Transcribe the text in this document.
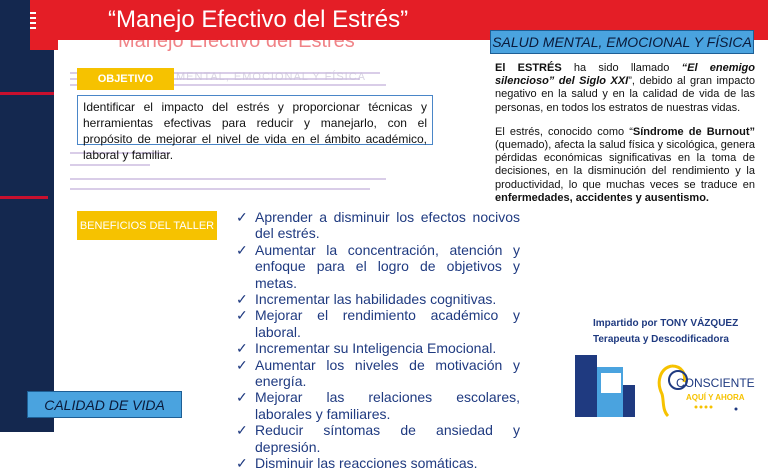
“Manejo Efectivo del Estrés”
Manejo Efectivo del Estrés	SALUD MENTAL, EMOCIONAL Y FÍSICA
OBJETIVO	MENTAL, EMOCIONAL Y FÍSICA
Identificar el impacto del estrés y proporcionar técnicas y herramientas efectivas para reducir y manejarlo, con el propósito de mejorar el nivel de vida en el ámbito académico, laboral y familiar.
BENEFICIOS DEL TALLER
✓ Aprender a disminuir los efectos nocivos del estrés.
✓ Aumentar la concentración, atención y enfoque para el logro de objetivos y metas.
✓ Incrementar las habilidades cognitivas.
✓ Mejorar el rendimiento académico y laboral.
✓ Incrementar su Inteligencia Emocional.
✓ Aumentar los niveles de motivación y energía.
✓ Mejorar las relaciones escolares, laborales y familiares.
✓ Reducir síntomas de ansiedad y depresión.
✓ Disminuir las reacciones somáticas.

El ESTRÉS ha sido llamado “El enemigo silencioso” del Siglo XXI”, debido al gran impacto negativo en la salud y en la calidad de vida de las personas, en todos los estratos de nuestras vidas.

El estrés, conocido como “Síndrome de Burnout” (quemado), afecta la salud física y sicológica, genera pérdidas económicas significativas en la toma de decisiones, en la disminución del rendimiento y la productividad, lo que muchas veces se traduce en enfermedades, accidentes y ausentismo.

Impartido por TONY VÁZQUEZ
Terapeuta y Descodificadora
CONSCIENTE
AQUÍ Y AHORA
CALIDAD DE VIDA
